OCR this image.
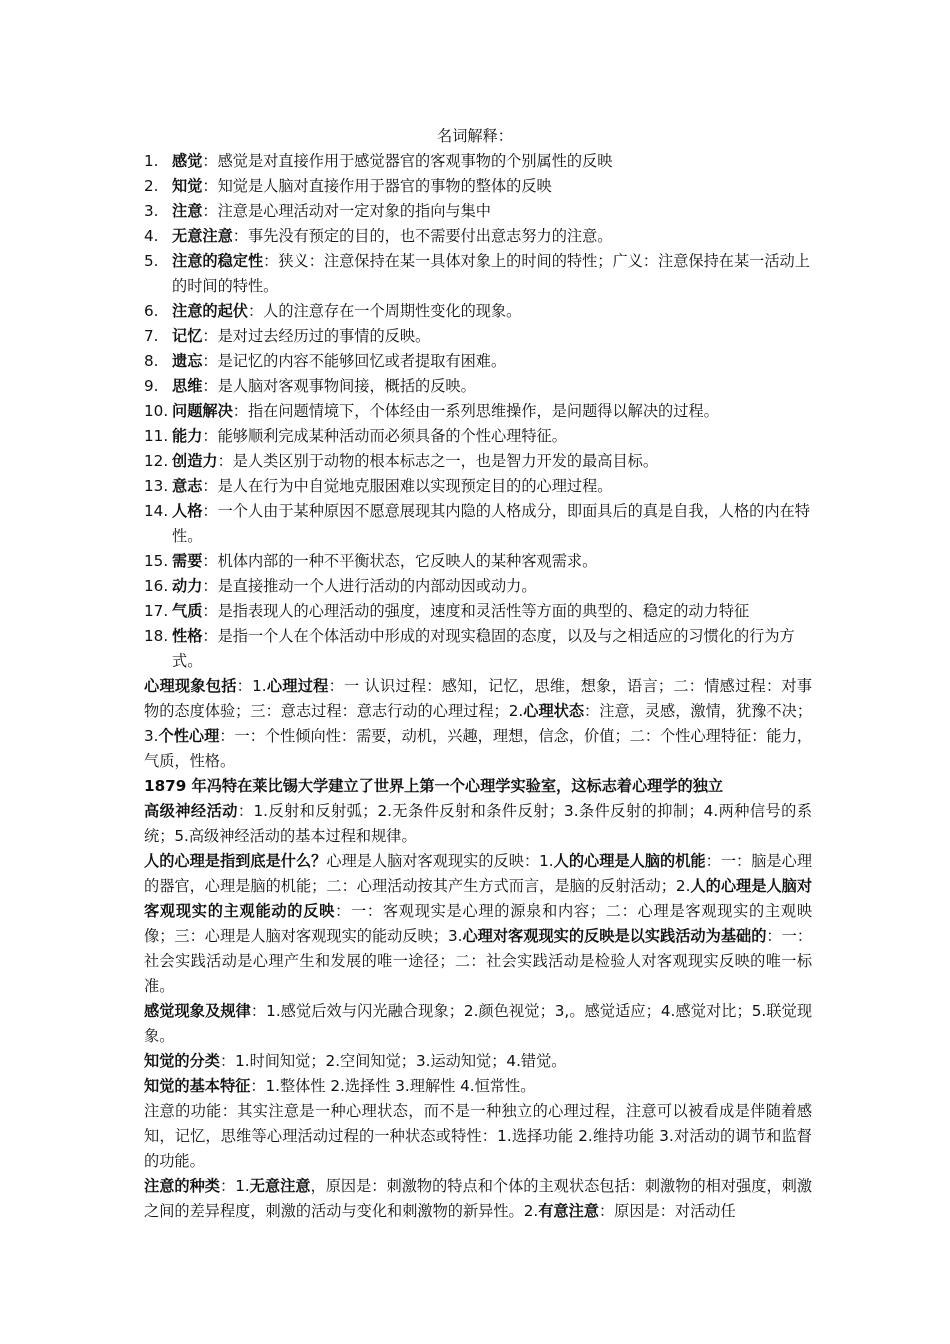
名词解释：
1. 感觉：感觉是对直接作用于感觉器官的客观事物的个别属性的反映
2. 知觉：知觉是人脑对直接作用于器官的事物的整体的反映
3. 注意：注意是心理活动对一定对象的指向与集中
4. 无意注意：事先没有预定的目的，也不需要付出意志努力的注意。
5. 注意的稳定性：狭义：注意保持在某一具体对象上的时间的特性；广义：注意保持在某一活动上的时间的特性。
6. 注意的起伏：人的注意存在一个周期性变化的现象。
7. 记忆：是对过去经历过的事情的反映。
8. 遗忘：是记忆的内容不能够回忆或者提取有困难。
9. 思维：是人脑对客观事物间接，概括的反映。
10. 问题解决：指在问题情境下，个体经由一系列思维操作，是问题得以解决的过程。
11. 能力：能够顺利完成某种活动而必须具备的个性心理特征。
12. 创造力：是人类区别于动物的根本标志之一，也是智力开发的最高目标。
13. 意志：是人在行为中自觉地克服困难以实现预定目的的心理过程。
14. 人格：一个人由于某种原因不愿意展现其内隐的人格成分，即面具后的真是自我，人格的内在特性。
15. 需要：机体内部的一种不平衡状态，它反映人的某种客观需求。
16. 动力：是直接推动一个人进行活动的内部动因或动力。
17. 气质：是指表现人的心理活动的强度，速度和灵活性等方面的典型的、稳定的动力特征
18. 性格：是指一个人在个体活动中形成的对现实稳固的态度，以及与之相适应的习惯化的行为方式。

心理现象包括：1.心理过程：一 认识过程：感知，记忆，思维，想象，语言；二：情感过程：对事物的态度体验；三：意志过程：意志行动的心理过程；2.心理状态：注意，灵感，激情，犹豫不决；3.个性心理：一：个性倾向性：需要，动机，兴趣，理想，信念，价值；二：个性心理特征：能力，气质，性格。

1879 年冯特在莱比锡大学建立了世界上第一个心理学实验室，这标志着心理学的独立

高级神经活动：1.反射和反射弧；2.无条件反射和条件反射；3.条件反射的抑制；4.两种信号的系统；5.高级神经活动的基本过程和规律。

人的心理是指到底是什么？心理是人脑对客观现实的反映：1.人的心理是人脑的机能：一：脑是心理的器官，心理是脑的机能；二：心理活动按其产生方式而言，是脑的反射活动；2.人的心理是人脑对客观现实的主观能动的反映：一：客观现实是心理的源泉和内容；二：心理是客观现实的主观映像；三：心理是人脑对客观现实的能动反映；3.心理对客观现实的反映是以实践活动为基础的：一：社会实践活动是心理产生和发展的唯一途径；二：社会实践活动是检验人对客观现实反映的唯一标准。

感觉现象及规律：1.感觉后效与闪光融合现象；2.颜色视觉；3,。感觉适应；4.感觉对比；5.联觉现象。

知觉的分类：1.时间知觉；2.空间知觉；3.运动知觉；4.错觉。

知觉的基本特征：1.整体性 2.选择性 3.理解性 4.恒常性。

注意的功能：其实注意是一种心理状态，而不是一种独立的心理过程，注意可以被看成是伴随着感知，记忆，思维等心理活动过程的一种状态或特性：1.选择功能 2.维持功能 3.对活动的调节和监督的功能。

注意的种类：1.无意注意，原因是：刺激物的特点和个体的主观状态包括：刺激物的相对强度，刺激之间的差异程度，刺激的活动与变化和刺激物的新异性。2.有意注意：原因是：对活动任
